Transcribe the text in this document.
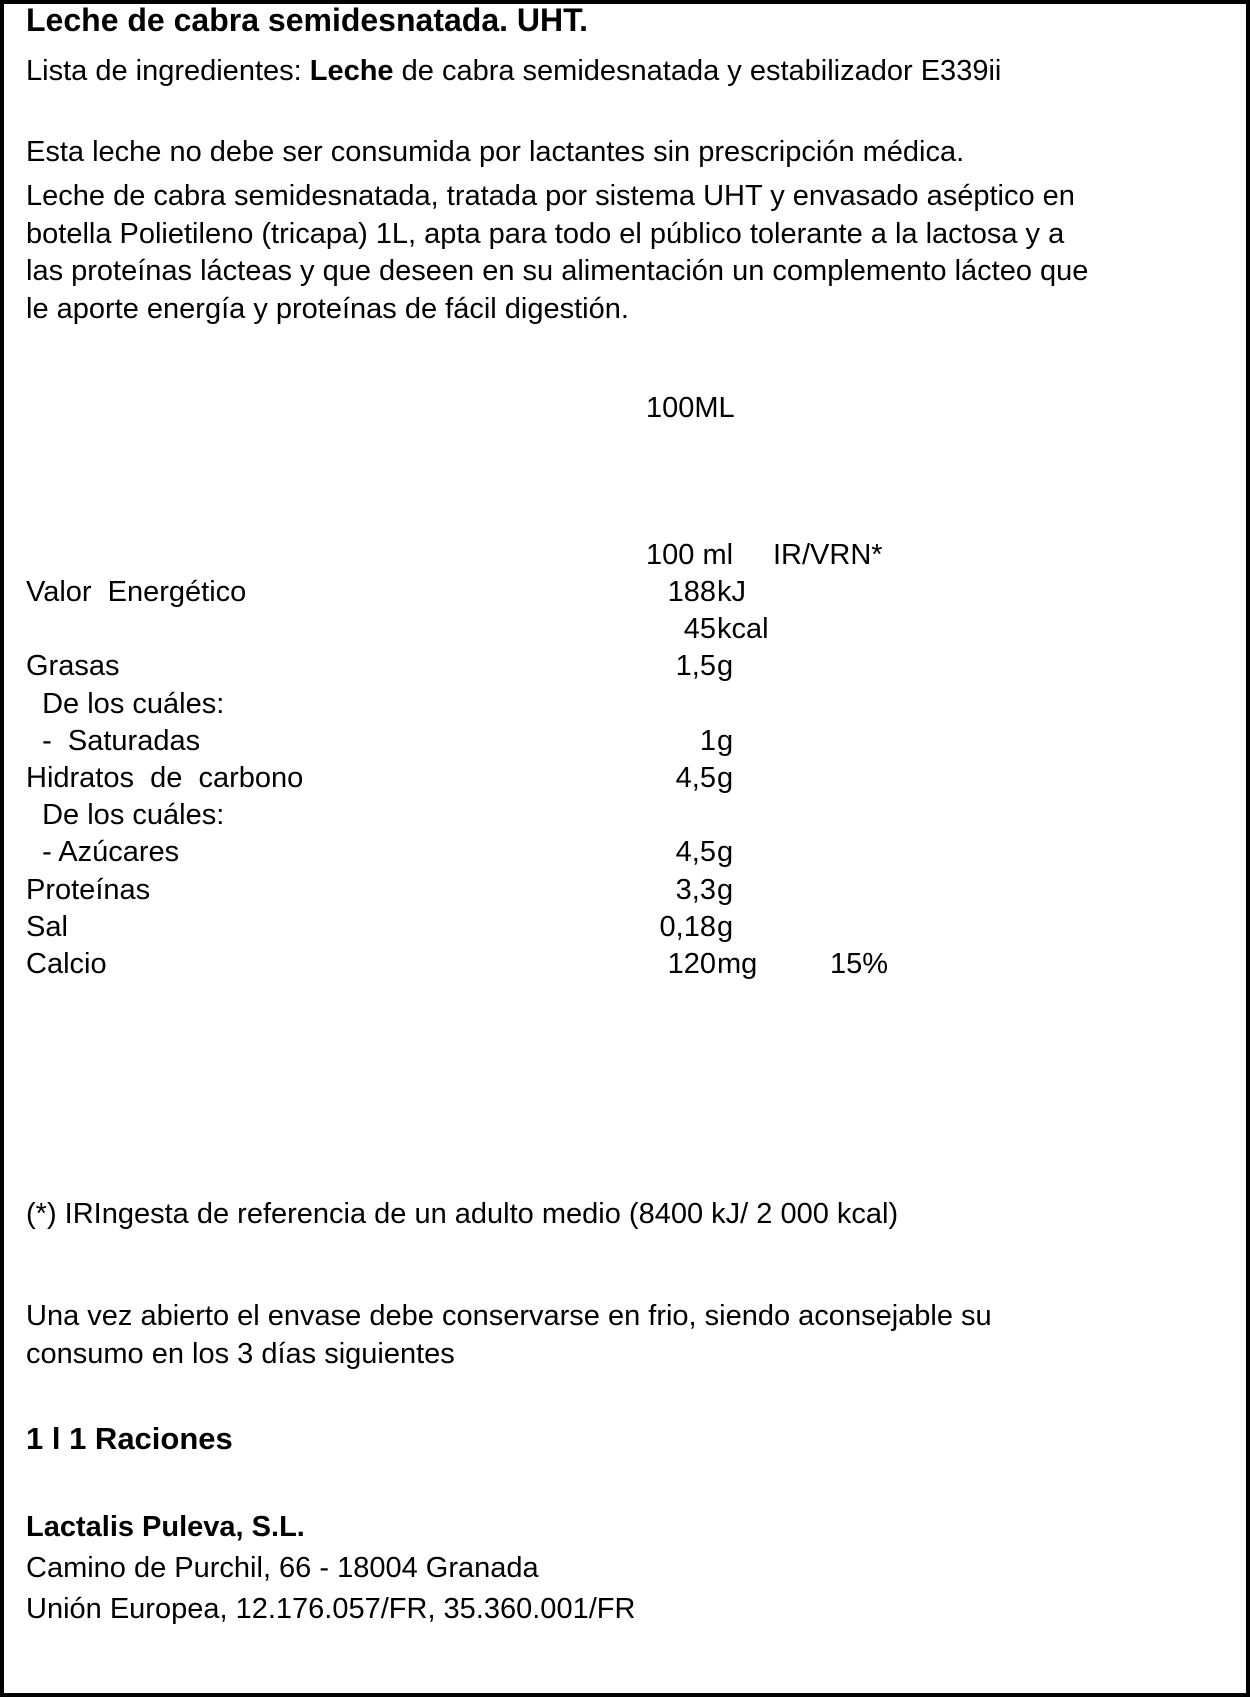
Leche de cabra semidesnatada. UHT.
Lista de ingredientes: Leche de cabra semidesnatada y estabilizador E339ii
Esta leche no debe ser consumida por lactantes sin prescripción médica.
Leche de cabra semidesnatada, tratada por sistema UHT y envasado aséptico en
botella Polietileno (tricapa) 1L, apta para todo el público tolerante a la lactosa y a
las proteínas lácteas y que deseen en su alimentación un complemento lácteo que
le aporte energía y proteínas de fácil digestión.
100ML
100 ml IR/VRN*
Valor  Energético	188 kJ
45 kcal
Grasas	1,5 g
De los cuáles:
-  Saturadas	1 g
Hidratos  de  carbono	4,5 g
De los cuáles:
- Azúcares	4,5 g
Proteínas	3,3 g
Sal	0,18 g
Calcio	120 mg	15%
(*) IRIngesta de referencia de un adulto medio (8400 kJ/ 2 000 kcal)
Una vez abierto el envase debe conservarse en frio, siendo aconsejable su
consumo en los 3 días siguientes
1 l 1 Raciones
Lactalis Puleva, S.L.
Camino de Purchil, 66 - 18004 Granada
Unión Europea, 12.176.057/FR, 35.360.001/FR
